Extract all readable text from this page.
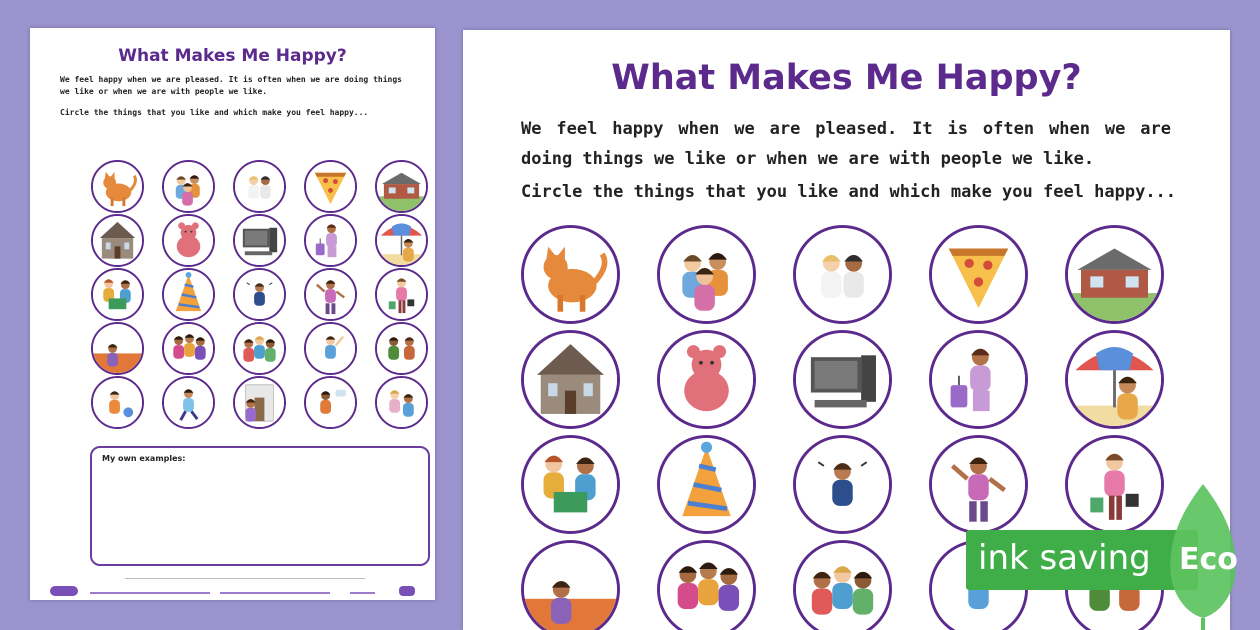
What Makes Me Happy?
We feel happy when we are pleased. It is often when we are doing things we like or when we are with people we like.
Circle the things that you like and which make you feel happy...
My own examples:
What Makes Me Happy?
We feel happy when we are pleased. It is often when we are doing things we like or when we are with people we like.
Circle the things that you like and which make you feel happy...
ink saving Eco
